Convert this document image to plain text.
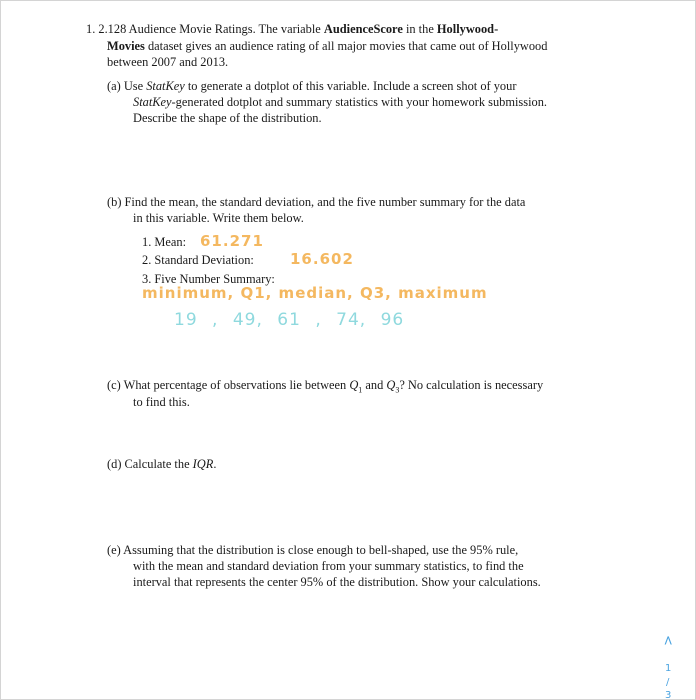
1. 2.128 Audience Movie Ratings. The variable AudienceScore in the Hollywood-
Movies dataset gives an audience rating of all major movies that came out of Hollywood
between 2007 and 2013.
(a) Use StatKey to generate a dotplot of this variable. Include a screen shot of your
StatKey-generated dotplot and summary statistics with your homework submission.
Describe the shape of the distribution.
(b) Find the mean, the standard deviation, and the five number summary for the data
in this variable. Write them below.
1. Mean: 61.271
2. Standard Deviation: 16.602
3. Five Number Summary:
minimum, Q1, median, Q3, maximum
19 , 49, 61 , 74, 96
(c) What percentage of observations lie between $Q_1$ and $Q_3$? No calculation is necessary
to find this.
(d) Calculate the IQR.
(e) Assuming that the distribution is close enough to bell-shaped, use the 95% rule,
with the mean and standard deviation from your summary statistics, to find the
interval that represents the center 95% of the distribution. Show your calculations.
<
1
/
3
